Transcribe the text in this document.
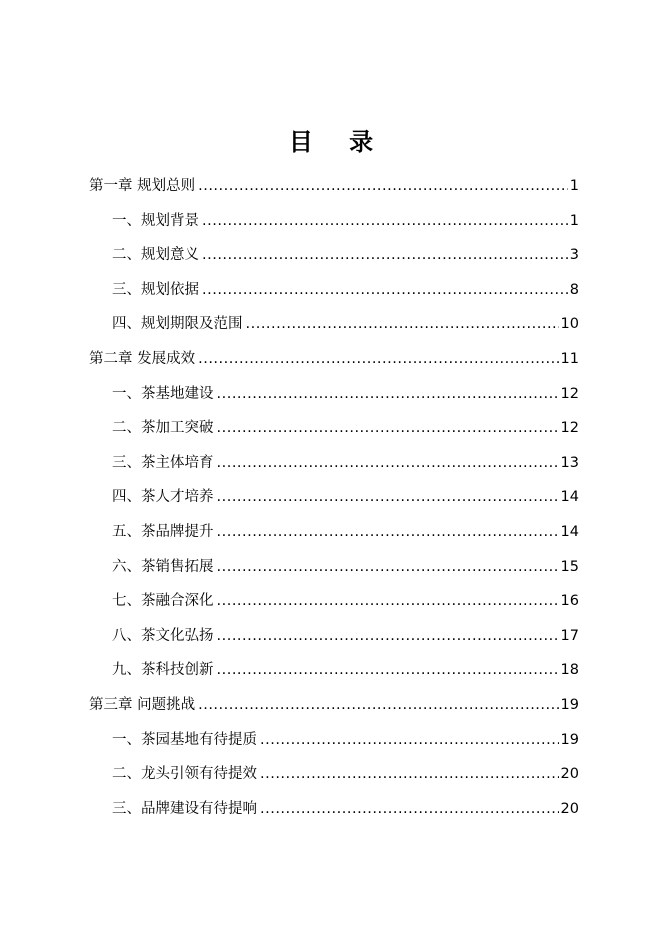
目 录
第一章 规划总则 .....	1
一、规划背景 .....	1
二、规划意义 .....	3
三、规划依据 .....	8
四、规划期限及范围 .....	10
第二章 发展成效 .....	11
一、茶基地建设 .....	12
二、茶加工突破 .....	12
三、茶主体培育 .....	13
四、茶人才培养 .....	14
五、茶品牌提升 .....	14
六、茶销售拓展 .....	15
七、茶融合深化 .....	16
八、茶文化弘扬 .....	17
九、茶科技创新 .....	18
第三章 问题挑战 .....	19
一、茶园基地有待提质 .....	19
二、龙头引领有待提效 .....	20
三、品牌建设有待提响 .....	20
